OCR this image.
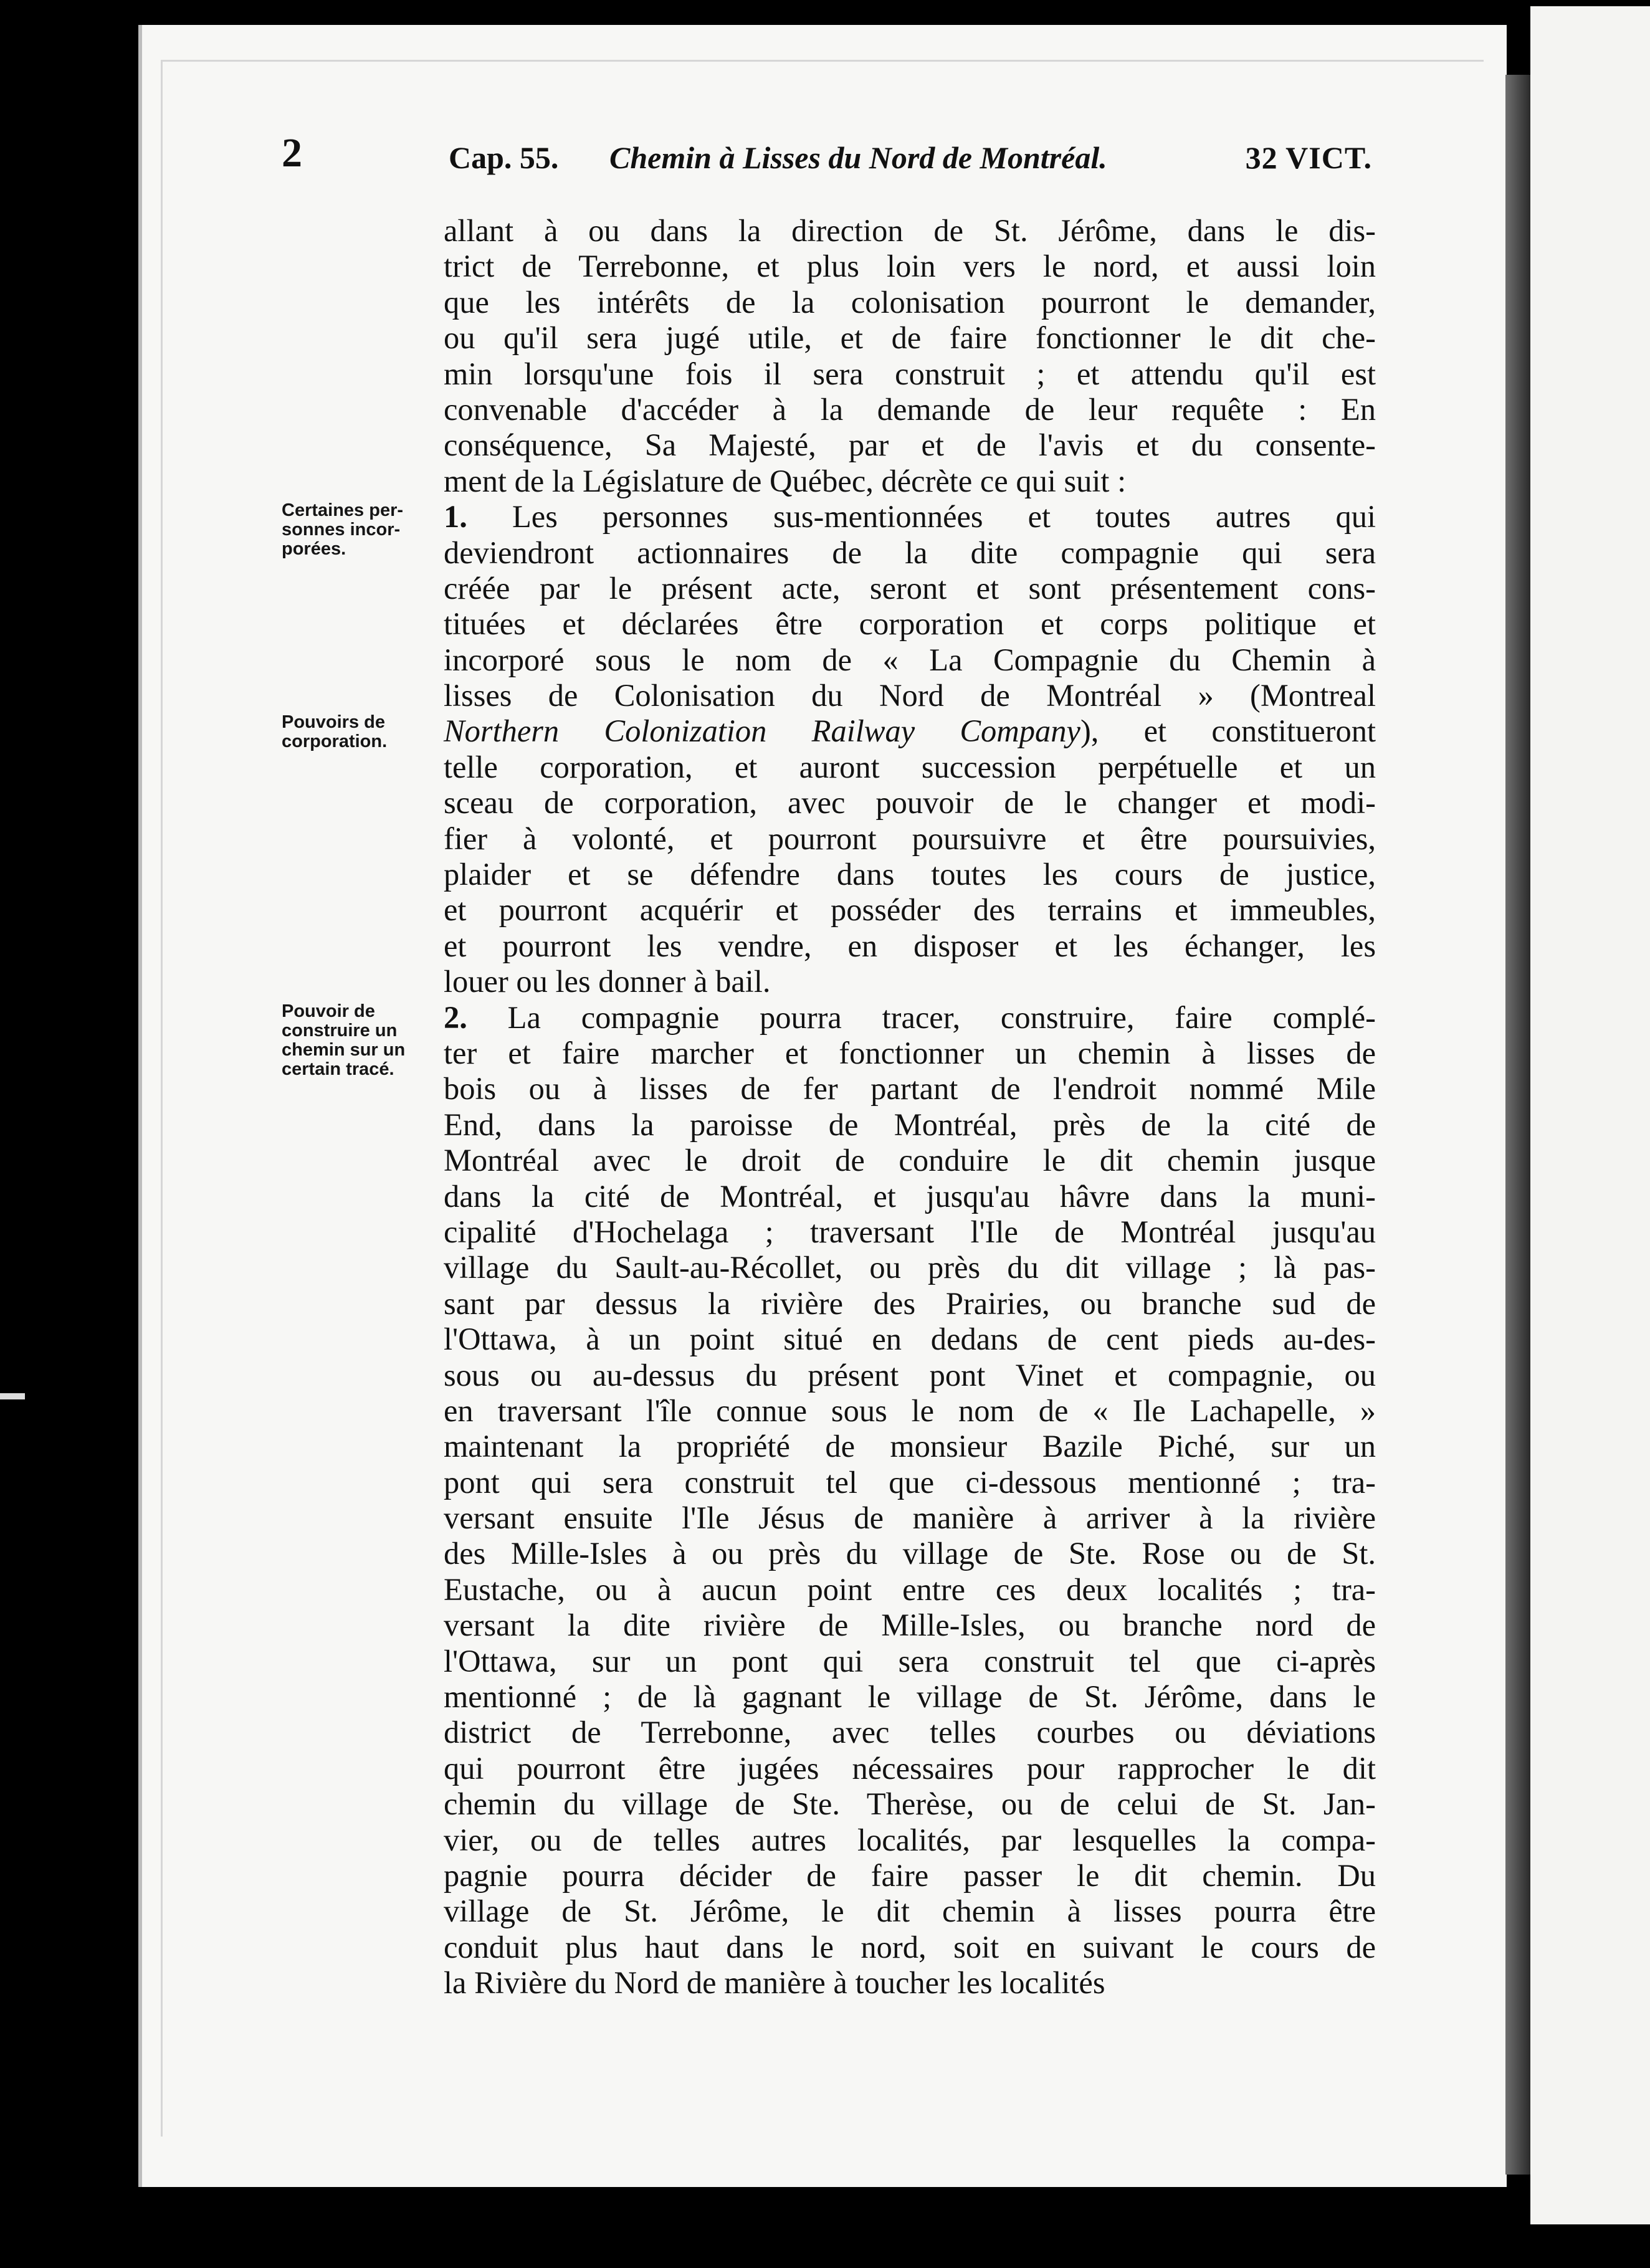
2	Cap. 55. Chemin à Lisses du Nord de Montréal.	32 VICT.
Certaines per-
sonnes incor-
porées.
Pouvoirs de
corporation.
Pouvoir de
construire un
chemin sur un
certain tracé.
allant à ou dans la direction de St. Jérôme, dans le dis-
trict de Terrebonne, et plus loin vers le nord, et aussi loin
que les intérêts de la colonisation pourront le demander,
ou qu'il sera jugé utile, et de faire fonctionner le dit che-
min lorsqu'une fois il sera construit ; et attendu qu'il est
convenable d'accéder à la demande de leur requête : En
conséquence, Sa Majesté, par et de l'avis et du consente-
ment de la Législature de Québec, décrète ce qui suit :
1. Les personnes sus-mentionnées et toutes autres qui
deviendront actionnaires de la dite compagnie qui sera
créée par le présent acte, seront et sont présentement cons-
tituées et déclarées être corporation et corps politique et
incorporé sous le nom de « La Compagnie du Chemin à
lisses de Colonisation du Nord de Montréal » (Montreal
Northern Colonization Railway Company), et constitueront
telle corporation, et auront succession perpétuelle et un
sceau de corporation, avec pouvoir de le changer et modi-
fier à volonté, et pourront poursuivre et être poursuivies,
plaider et se défendre dans toutes les cours de justice,
et pourront acquérir et posséder des terrains et immeubles,
et pourront les vendre, en disposer et les échanger, les
louer ou les donner à bail.
2. La compagnie pourra tracer, construire, faire complé-
ter et faire marcher et fonctionner un chemin à lisses de
bois ou à lisses de fer partant de l'endroit nommé Mile
End, dans la paroisse de Montréal, près de la cité de
Montréal avec le droit de conduire le dit chemin jusque
dans la cité de Montréal, et jusqu'au hâvre dans la muni-
cipalité d'Hochelaga ; traversant l'Ile de Montréal jusqu'au
village du Sault-au-Récollet, ou près du dit village ; là pas-
sant par dessus la rivière des Prairies, ou branche sud de
l'Ottawa, à un point situé en dedans de cent pieds au-des-
sous ou au-dessus du présent pont Vinet et compagnie, ou
en traversant l'île connue sous le nom de « Ile Lachapelle, »
maintenant la propriété de monsieur Bazile Piché, sur un
pont qui sera construit tel que ci-dessous mentionné ; tra-
versant ensuite l'Ile Jésus de manière à arriver à la rivière
des Mille-Isles à ou près du village de Ste. Rose ou de St.
Eustache, ou à aucun point entre ces deux localités ; tra-
versant la dite rivière de Mille-Isles, ou branche nord de
l'Ottawa, sur un pont qui sera construit tel que ci-après
mentionné ; de là gagnant le village de St. Jérôme, dans le
district de Terrebonne, avec telles courbes ou déviations
qui pourront être jugées nécessaires pour rapprocher le dit
chemin du village de Ste. Therèse, ou de celui de St. Jan-
vier, ou de telles autres localités, par lesquelles la compa-
pagnie pourra décider de faire passer le dit chemin. Du
village de St. Jérôme, le dit chemin à lisses pourra être
conduit plus haut dans le nord, soit en suivant le cours de
la Rivière du Nord de manière à toucher les localités
